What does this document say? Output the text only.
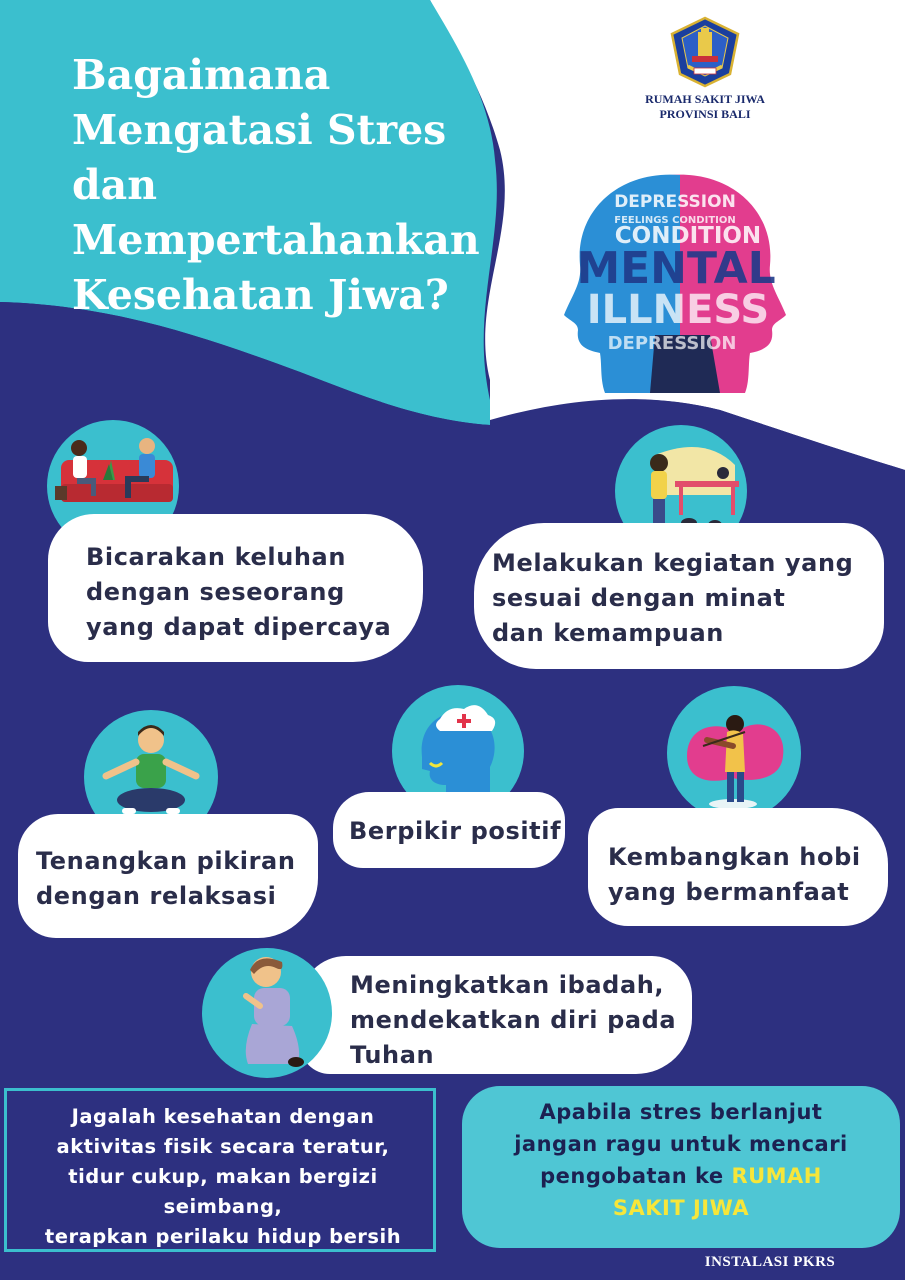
Bagaimana
Mengatasi Stres
dan
Mempertahankan
Kesehatan Jiwa?
RUMAH SAKIT JIWA
PROVINSI BALI
DEPRESSION
FEELINGS CONDITION
CONDITION
MENTAL
ILLNESS
DEPRESSION
Bicarakan keluhan
dengan seseorang
yang dapat dipercaya
Melakukan kegiatan yang
sesuai dengan minat
dan kemampuan
Tenangkan pikiran
dengan relaksasi
Berpikir positif
Kembangkan hobi
yang bermanfaat
Meningkatkan ibadah,
mendekatkan diri pada
Tuhan
Jagalah kesehatan dengan
aktivitas fisik secara teratur,
tidur cukup, makan bergizi
seimbang,
terapkan perilaku hidup bersih
Apabila stres berlanjut
jangan ragu untuk mencari
pengobatan ke RUMAH
SAKIT JIWA
INSTALASI PKRS
